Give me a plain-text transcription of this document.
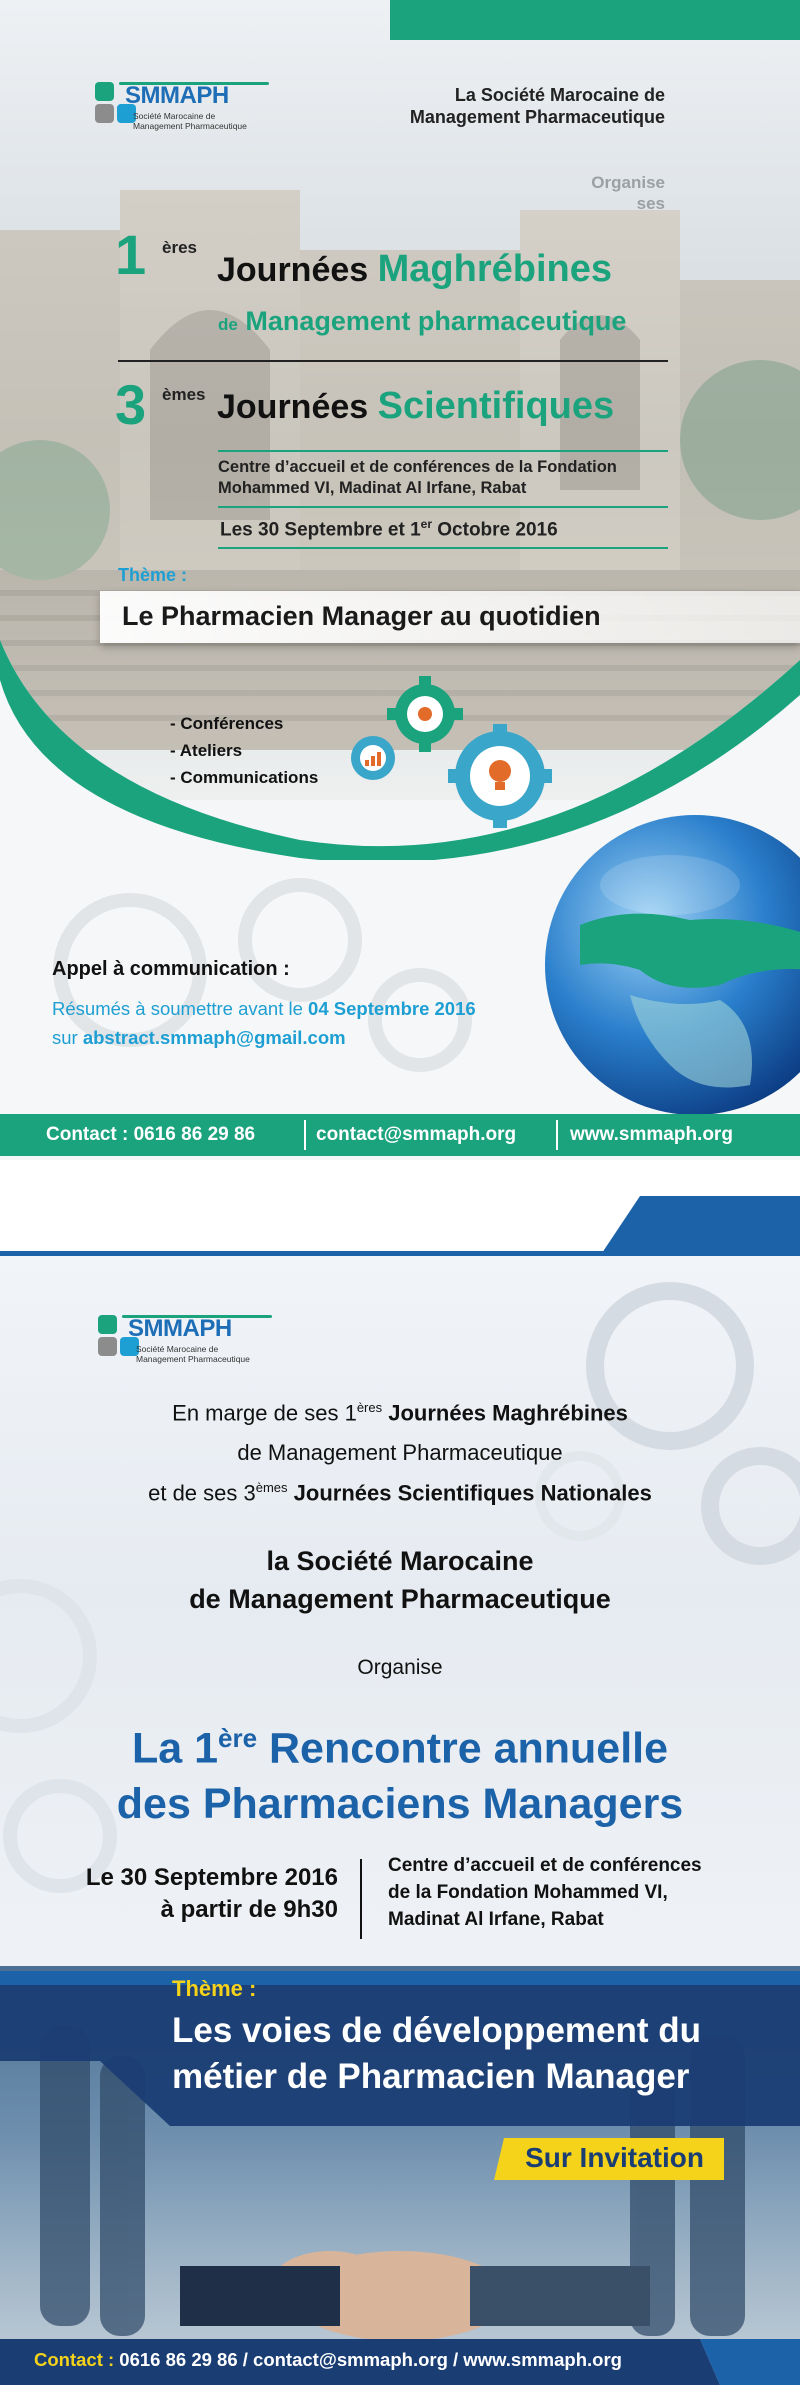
SMMAPH
Société Marocaine de
Management Pharmaceutique
La Société Marocaine de
Management Pharmaceutique
Organise
ses
1 ères
Journées Maghrébines
de Management pharmaceutique
3 èmes Journées Scientifiques
Centre d’accueil et de conférences de la Fondation
Mohammed VI, Madinat Al Irfane, Rabat
Les 30 Septembre et 1er Octobre 2016
Thème :
Le Pharmacien Manager au quotidien
- Conférences
- Ateliers
- Communications
Appel à communication :
Résumés à soumettre avant le 04 Septembre 2016
sur abstract.smmaph@gmail.com
Contact : 0616 86 29 86	contact@smmaph.org	www.smmaph.org
SMMAPH
Société Marocaine de
Management Pharmaceutique
En marge de ses 1ères Journées Maghrébines
de Management Pharmaceutique
et de ses 3èmes Journées Scientifiques Nationales
la Société Marocaine
de Management Pharmaceutique
Organise
La 1ère Rencontre annuelle
des Pharmaciens Managers
Le 30 Septembre 2016
à partir de 9h30
Centre d’accueil et de conférences
de la Fondation Mohammed VI,
Madinat Al Irfane, Rabat
Thème :
Les voies de développement du
métier de Pharmacien Manager
Sur Invitation
Contact : 0616 86 29 86 / contact@smmaph.org / www.smmaph.org
